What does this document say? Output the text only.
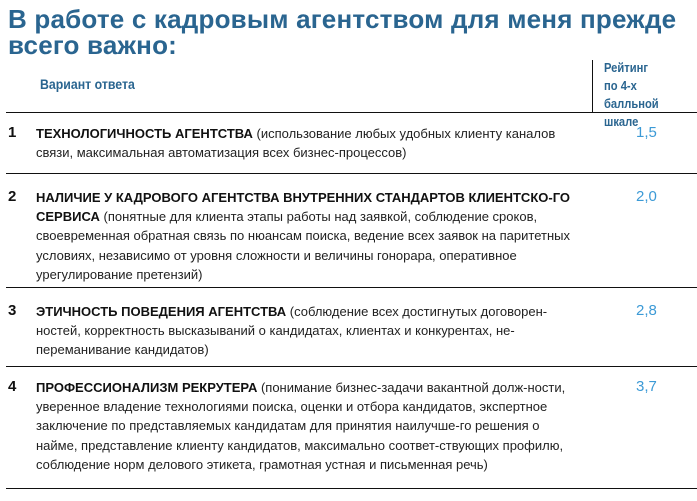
В работе с кадровым агентством для меня прежде всего важно:
Вариант ответа
Рейтинг
по 4-х балльной
шкале
1 ТЕХНОЛОГИЧНОСТЬ АГЕНТСТВА (использование любых удобных клиенту каналов связи, максимальная автоматизация всех бизнес-процессов)
1,5
2 НАЛИЧИЕ У КАДРОВОГО АГЕНТСТВА ВНУТРЕННИХ СТАНДАРТОВ КЛИЕНТСКО-ГО СЕРВИСА (понятные для клиента этапы работы над заявкой, соблюдение сроков, своевременная обратная связь по нюансам поиска, ведение всех заявок на паритетных условиях, независимо от уровня сложности и величины гонорара, оперативное урегулирование претензий)
2,0
3 ЭТИЧНОСТЬ ПОВЕДЕНИЯ АГЕНТСТВА (соблюдение всех достигнутых договорен-ностей, корректность высказываний о кандидатах, клиентах и конкурентах, не-переманивание кандидатов)
2,8
4 ПРОФЕССИОНАЛИЗМ РЕКРУТЕРА (понимание бизнес-задачи вакантной долж-ности, уверенное владение технологиями поиска, оценки и отбора кандидатов, экспертное заключение по представляемых кандидатам для принятия наилучше-го решения о найме, представление клиенту кандидатов, максимально соответ-ствующих профилю, соблюдение норм делового этикета, грамотная устная и письменная речь)
3,7
